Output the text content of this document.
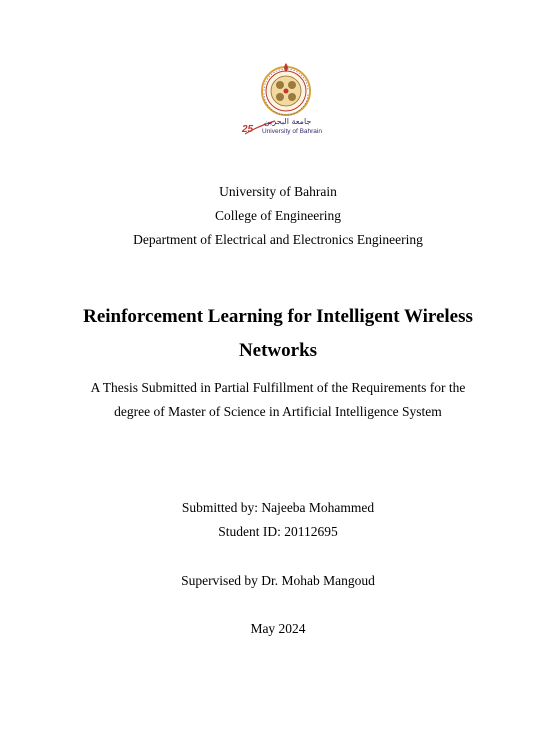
25
جامعة البحرين
University of Bahrain
University of Bahrain
College of Engineering
Department of Electrical and Electronics Engineering
Reinforcement Learning for Intelligent Wireless
Networks
A Thesis Submitted in Partial Fulfillment of the Requirements for the
degree of Master of Science in Artificial Intelligence System
Submitted by: Najeeba Mohammed
Student ID: 20112695
Supervised by Dr. Mohab Mangoud
May 2024
